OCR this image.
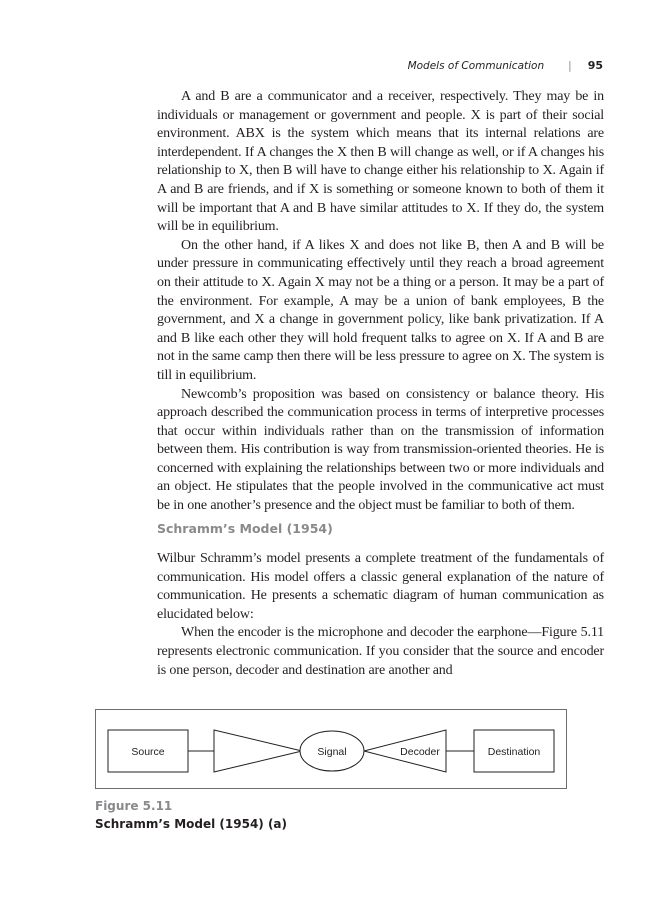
Models of Communication | 95

A and B are a communicator and a receiver, respectively. They may be in individuals or management or government and people. X is part of their social environment. ABX is the system which means that its internal relations are interdependent. If A changes the X then B will change as well, or if A changes his relationship to X, then B will have to change either his relationship to X. Again if A and B are friends, and if X is something or someone known to both of them it will be important that A and B have similar attitudes to X. If they do, the system will be in equilibrium.

On the other hand, if A likes X and does not like B, then A and B will be under pressure in communicating effectively until they reach a broad agreement on their attitude to X. Again X may not be a thing or a person. It may be a part of the environment. For example, A may be a union of bank employees, B the government, and X a change in government policy, like bank privatization. If A and B like each other they will hold frequent talks to agree on X. If A and B are not in the same camp then there will be less pressure to agree on X. The system is till in equilibrium.

Newcomb’s proposition was based on consistency or balance theory. His approach described the communication process in terms of interpretive processes that occur within individuals rather than on the transmission of information between them. His contribution is way from transmission-oriented theories. He is concerned with explaining the relationships between two or more individuals and an object. He stipulates that the people involved in the communicative act must be in one another’s presence and the object must be familiar to both of them.

Schramm’s Model (1954)

Wilbur Schramm’s model presents a complete treatment of the fundamentals of communication. His model offers a classic general explanation of the nature of communication. He presents a schematic diagram of human communication as elucidated below:

When the encoder is the microphone and decoder the earphone—Figure 5.11 represents electronic communication. If you consider that the source and encoder is one person, decoder and destination are another and

Source	Signal	Decoder	Destination
Figure 5.11
Schramm’s Model (1954) (a)
